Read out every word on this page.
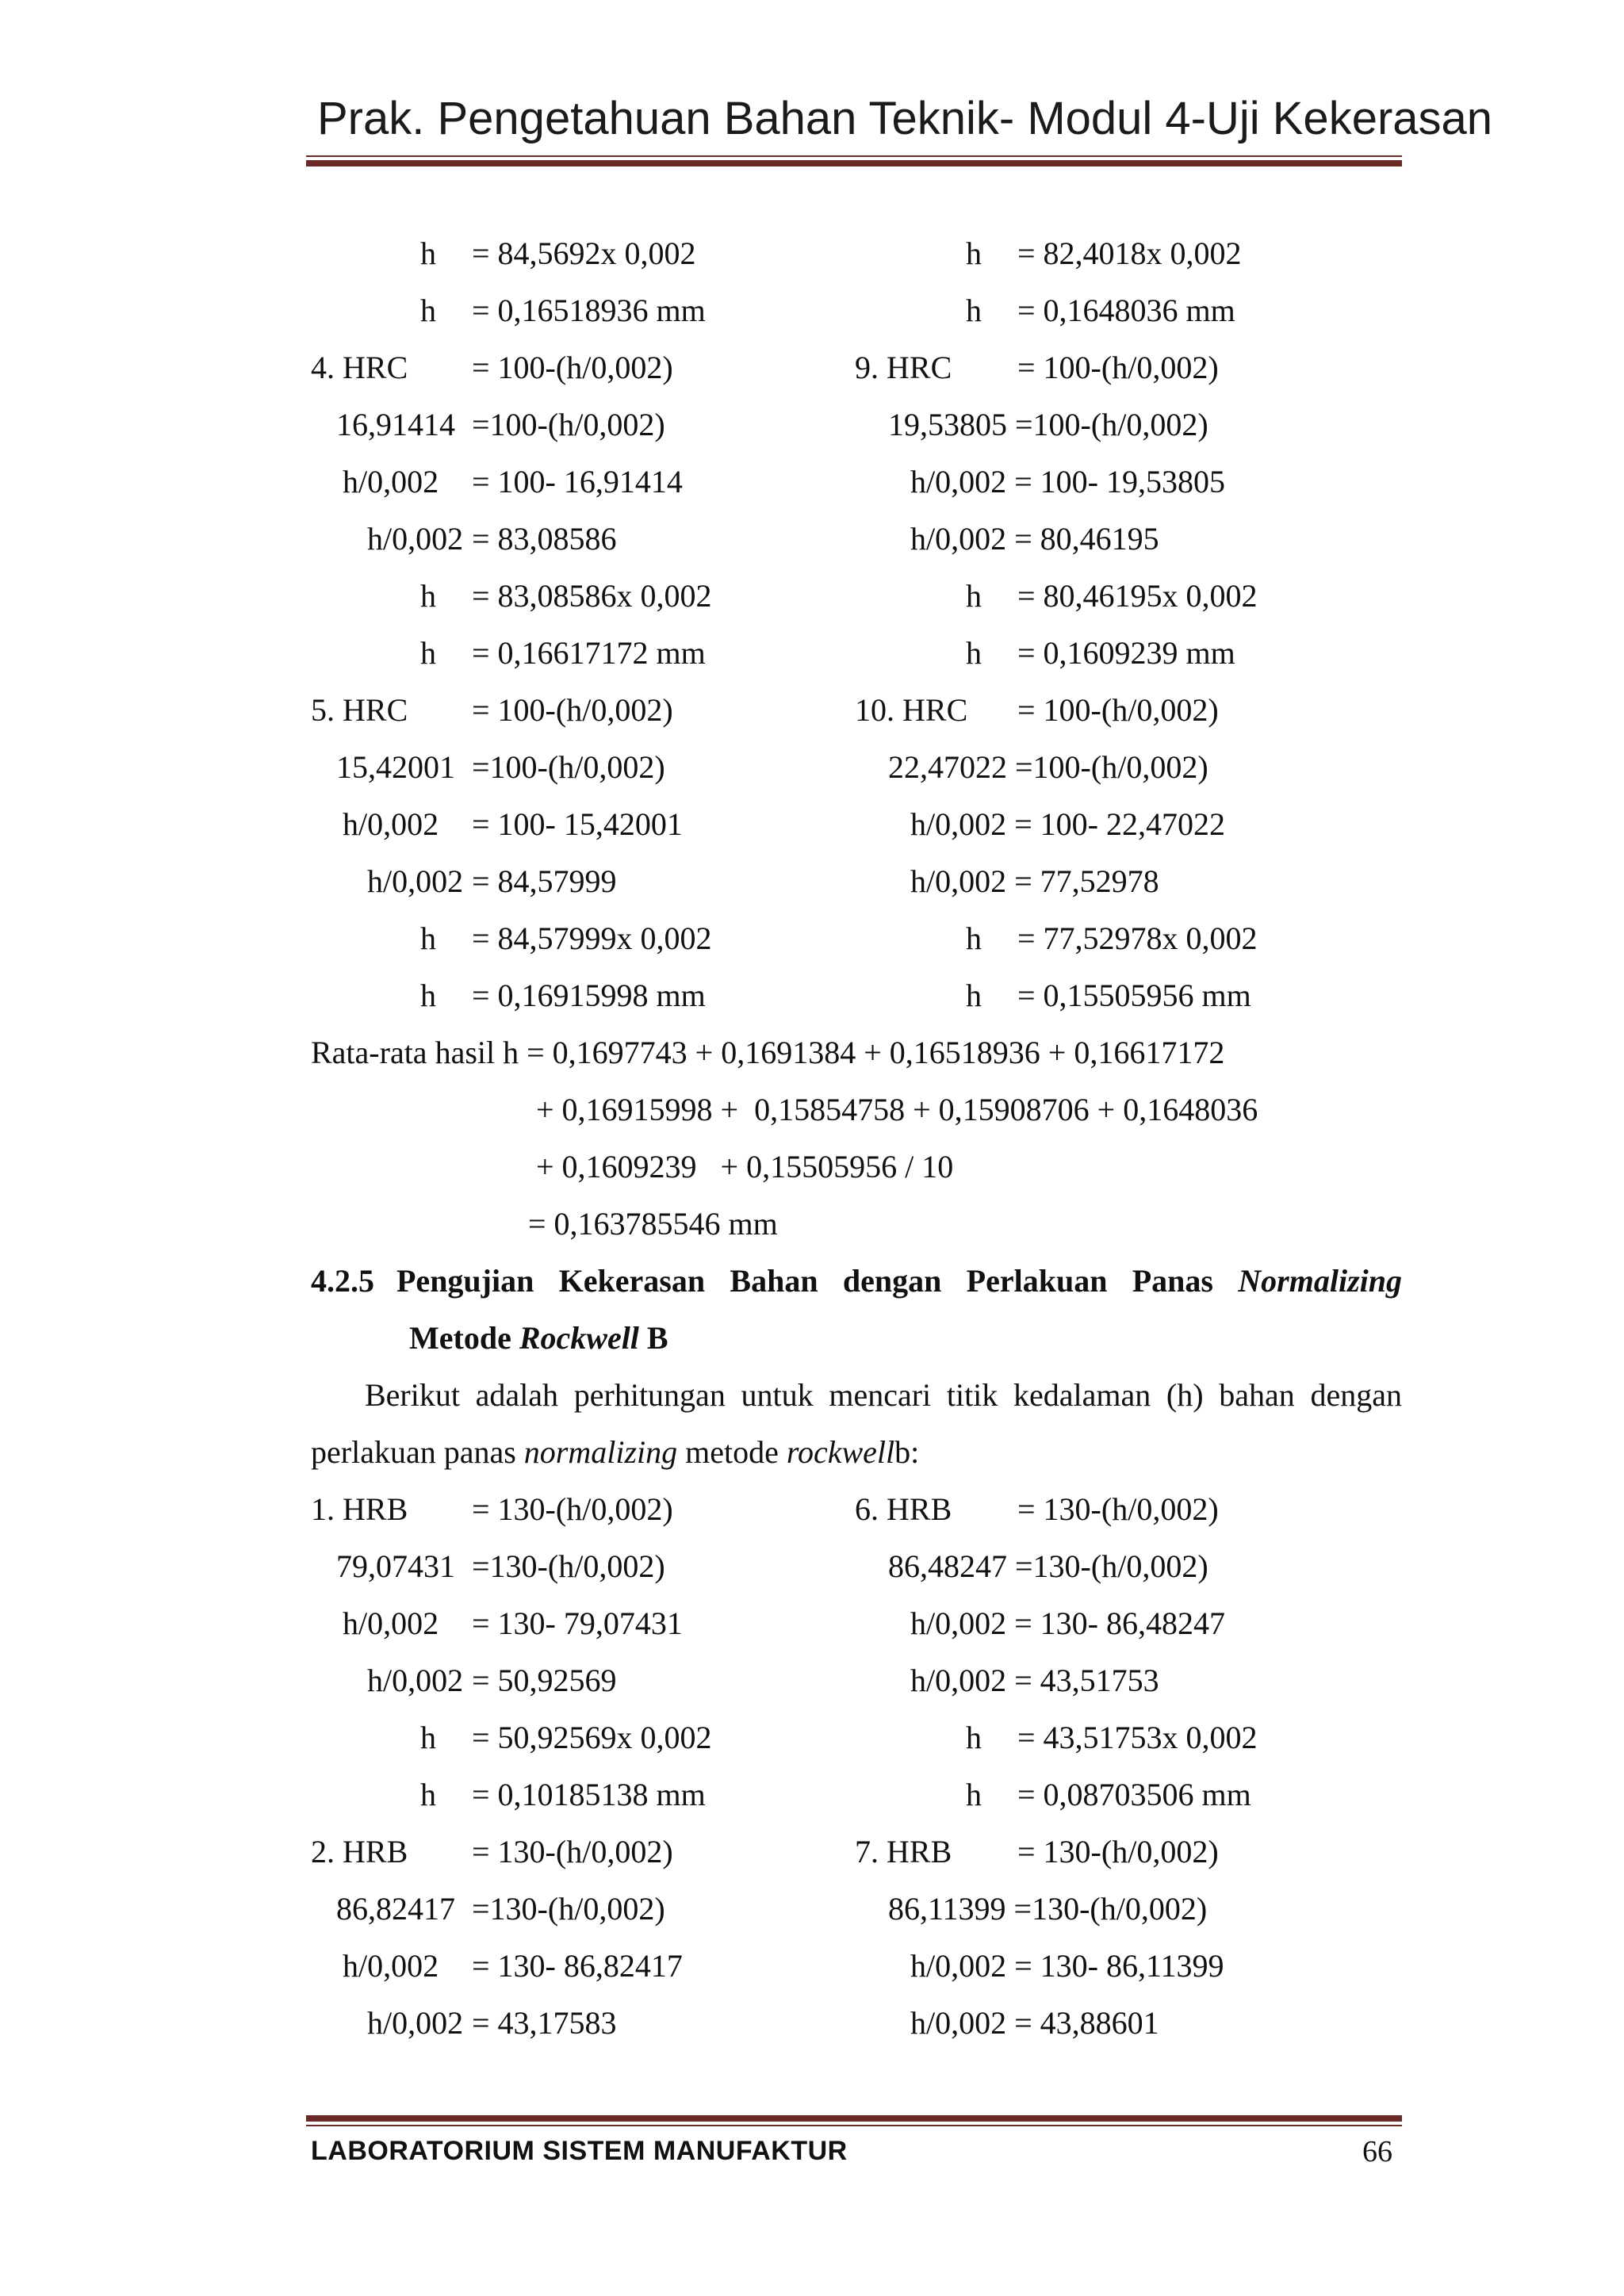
Prak. Pengetahuan Bahan Teknik- Modul 4-Uji Kekerasan
h = 84,5692x 0,002	h = 82,4018x 0,002
h = 0,16518936 mm	h = 0,1648036 mm
4. HRC = 100-(h/0,002)	9. HRC = 100-(h/0,002)
16,91414 =100-(h/0,002)	19,53805 =100-(h/0,002)
h/0,002 = 100- 16,91414	h/0,002 = 100- 19,53805
h/0,002 = 83,08586	h/0,002 = 80,46195
h = 83,08586x 0,002	h = 80,46195x 0,002
h = 0,16617172 mm	h = 0,1609239 mm
5. HRC = 100-(h/0,002)	10. HRC = 100-(h/0,002)
15,42001 =100-(h/0,002)	22,47022 =100-(h/0,002)
h/0,002 = 100- 15,42001	h/0,002 = 100- 22,47022
h/0,002 = 84,57999	h/0,002 = 77,52978
h = 84,57999x 0,002	h = 77,52978x 0,002
h = 0,16915998 mm	h = 0,15505956 mm
Rata-rata hasil h = 0,1697743 + 0,1691384 + 0,16518936 + 0,16617172
+ 0,16915998 +  0,15854758 + 0,15908706 + 0,1648036
+ 0,1609239   + 0,15505956 / 10
= 0,163785546 mm
4.2.5 Pengujian Kekerasan Bahan dengan Perlakuan Panas Normalizing
Metode Rockwell B
Berikut adalah perhitungan untuk mencari titik kedalaman (h) bahan dengan
perlakuan panas normalizing metode rockwellb:
1. HRB = 130-(h/0,002)	6. HRB = 130-(h/0,002)
79,07431 =130-(h/0,002)	86,48247 =130-(h/0,002)
h/0,002 = 130- 79,07431	h/0,002 = 130- 86,48247
h/0,002 = 50,92569	h/0,002 = 43,51753
h = 50,92569x 0,002	h = 43,51753x 0,002
h = 0,10185138 mm	h = 0,08703506 mm
2. HRB = 130-(h/0,002)	7. HRB = 130-(h/0,002)
86,82417 =130-(h/0,002)	86,11399 =130-(h/0,002)
h/0,002 = 130- 86,82417	h/0,002 = 130- 86,11399
h/0,002 = 43,17583	h/0,002 = 43,88601
LABORATORIUM SISTEM MANUFAKTUR	66
